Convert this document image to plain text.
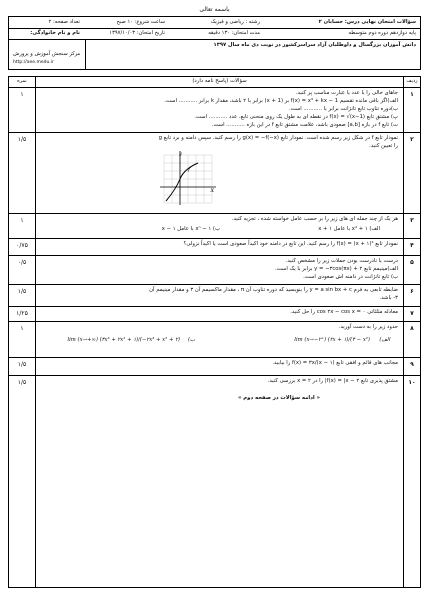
باسمه تعالی
سؤالات امتحان نهایی درس: حسابان ۲
رشته : ریاضی و فیزیک
ساعت شروع: ۱۰ صبح
تعداد صفحه: ۲
پایه دوازدهم دوره دوم متوسطه
مدت امتحان: ۱۳۰ دقیقه
تاریخ امتحان: ۱۳۹۷/۱۰/۰۳
نام و نام خانوادگی:
دانش آموزان بزرگسال و داوطلبان آزاد سراسرکشور در نوبت دی ماه سال ۱۳۹۷
مرکز سنجش آموزش و پرورش
http://aee.medu.ir
ردیف
سؤالات (پاسخ نامه دارد)
نمره
۱
۱	جاهای خالی را با عدد یا عبارت مناسب پر کنید.
الف)اگر باقی مانده تقسیم f(x) = x³ + kx − 1 بر (x + 1) برابر با ۲ باشد، مقدار k برابر ........... است.
ب)دوره تناوب تابع تانژانت برابر با ........... است.
پ) مشتق تابع f(x) = √(x−1) در نقطه ای به طول یک روی منحنی تابع، عدد ........... است.
ت) تابع f در بازه [a,b] صعودی باشد، علامت مشتق تابع f در این بازه ........... است.
۲
۱/۵	نمودار تابع f در شکل زیر رسم شده است. نمودار تابع g(x) = −f(−x) را رسم کنید. سپس دامنه و برد تابع g
را تعیین کنید.
X
y
f
۳
۱	هر یک از چند جمله ای های زیر را بر حسب عامل خواسته شده ، تجزیه کنید.
الف) x⁴ + ۱ با عامل x + ۱
ب) xⁿ − ۱ با عامل x − ۱
۴
۰/۷۵	نمودار تابع f(x) = (x + ۱)² را رسم کنید. این تابع در دامنه خود اکیداً صعودی است یا اکیداً نزولی؟
۵
۰/۵	درست یا نادرست بودن جملات زیر را مشخص کنید.
الف)مینیمم تابع y = −۳cos(πx) + ۲ برابر با یک است.
ب) تابع تانژانت در دامنه اش صعودی است.
۶
۱/۵	ضابطه تابعی به فرم y = a sin bx + c را بنویسید که دوره تناوب آن π ، مقدار ماکسیمم آن ۳ و مقدار مینیمم آن
۳- باشد.
۷
۱/۲۵	معادله مثلثاتی cos ۲x − cos x = ۰ را حل کنید.
۸
۱	حدود زیر را به دست آورید.
الف)
lim (x→−۲⁺) (۲x + ۱)/(۴ − x²)
ب)
lim (x→+∞) (۴x³ + ۲x² + ۱)/(−۲x³ + x² + ۲)
۹
۱/۵	مجانب های قائم و افقی تابع f(x) = ۳x/(x − ۱) را بیابید.
۱۰
۱/۵	مشتق پذیری تابع f(x) = |x − ۲| را در x = ۲ بررسی کنید.
« ادامه سؤالات در صفحه دوم »
